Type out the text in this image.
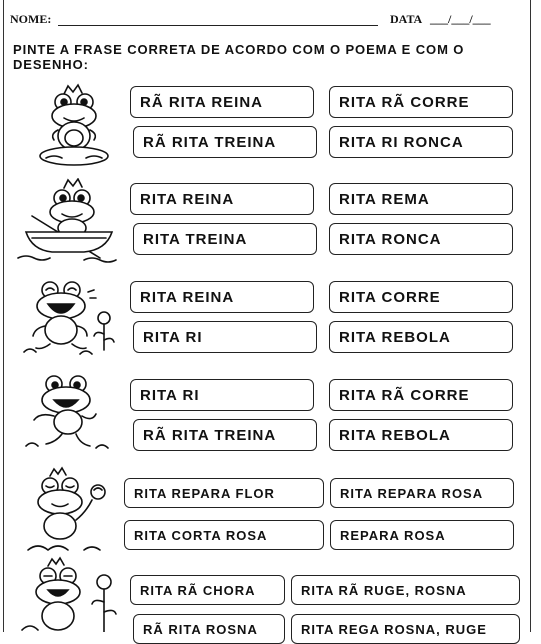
NOME:	DATA ___/___/___
PINTE A FRASE CORRETA DE ACORDO COM O POEMA E COM O DESENHO:
RÃ RITA REINA	RITA RÃ CORRE
RÃ RITA TREINA	RITA RI RONCA
RITA REINA	RITA REMA
RITA TREINA	RITA RONCA
RITA REINA	RITA CORRE
RITA RI	RITA REBOLA
RITA RI	RITA RÃ CORRE
RÃ RITA TREINA	RITA REBOLA
RITA REPARA FLOR	RITA REPARA ROSA
RITA CORTA ROSA	REPARA ROSA
RITA RÃ CHORA	RITA RÃ RUGE, ROSNA
RÃ RITA ROSNA	RITA REGA ROSNA, RUGE
